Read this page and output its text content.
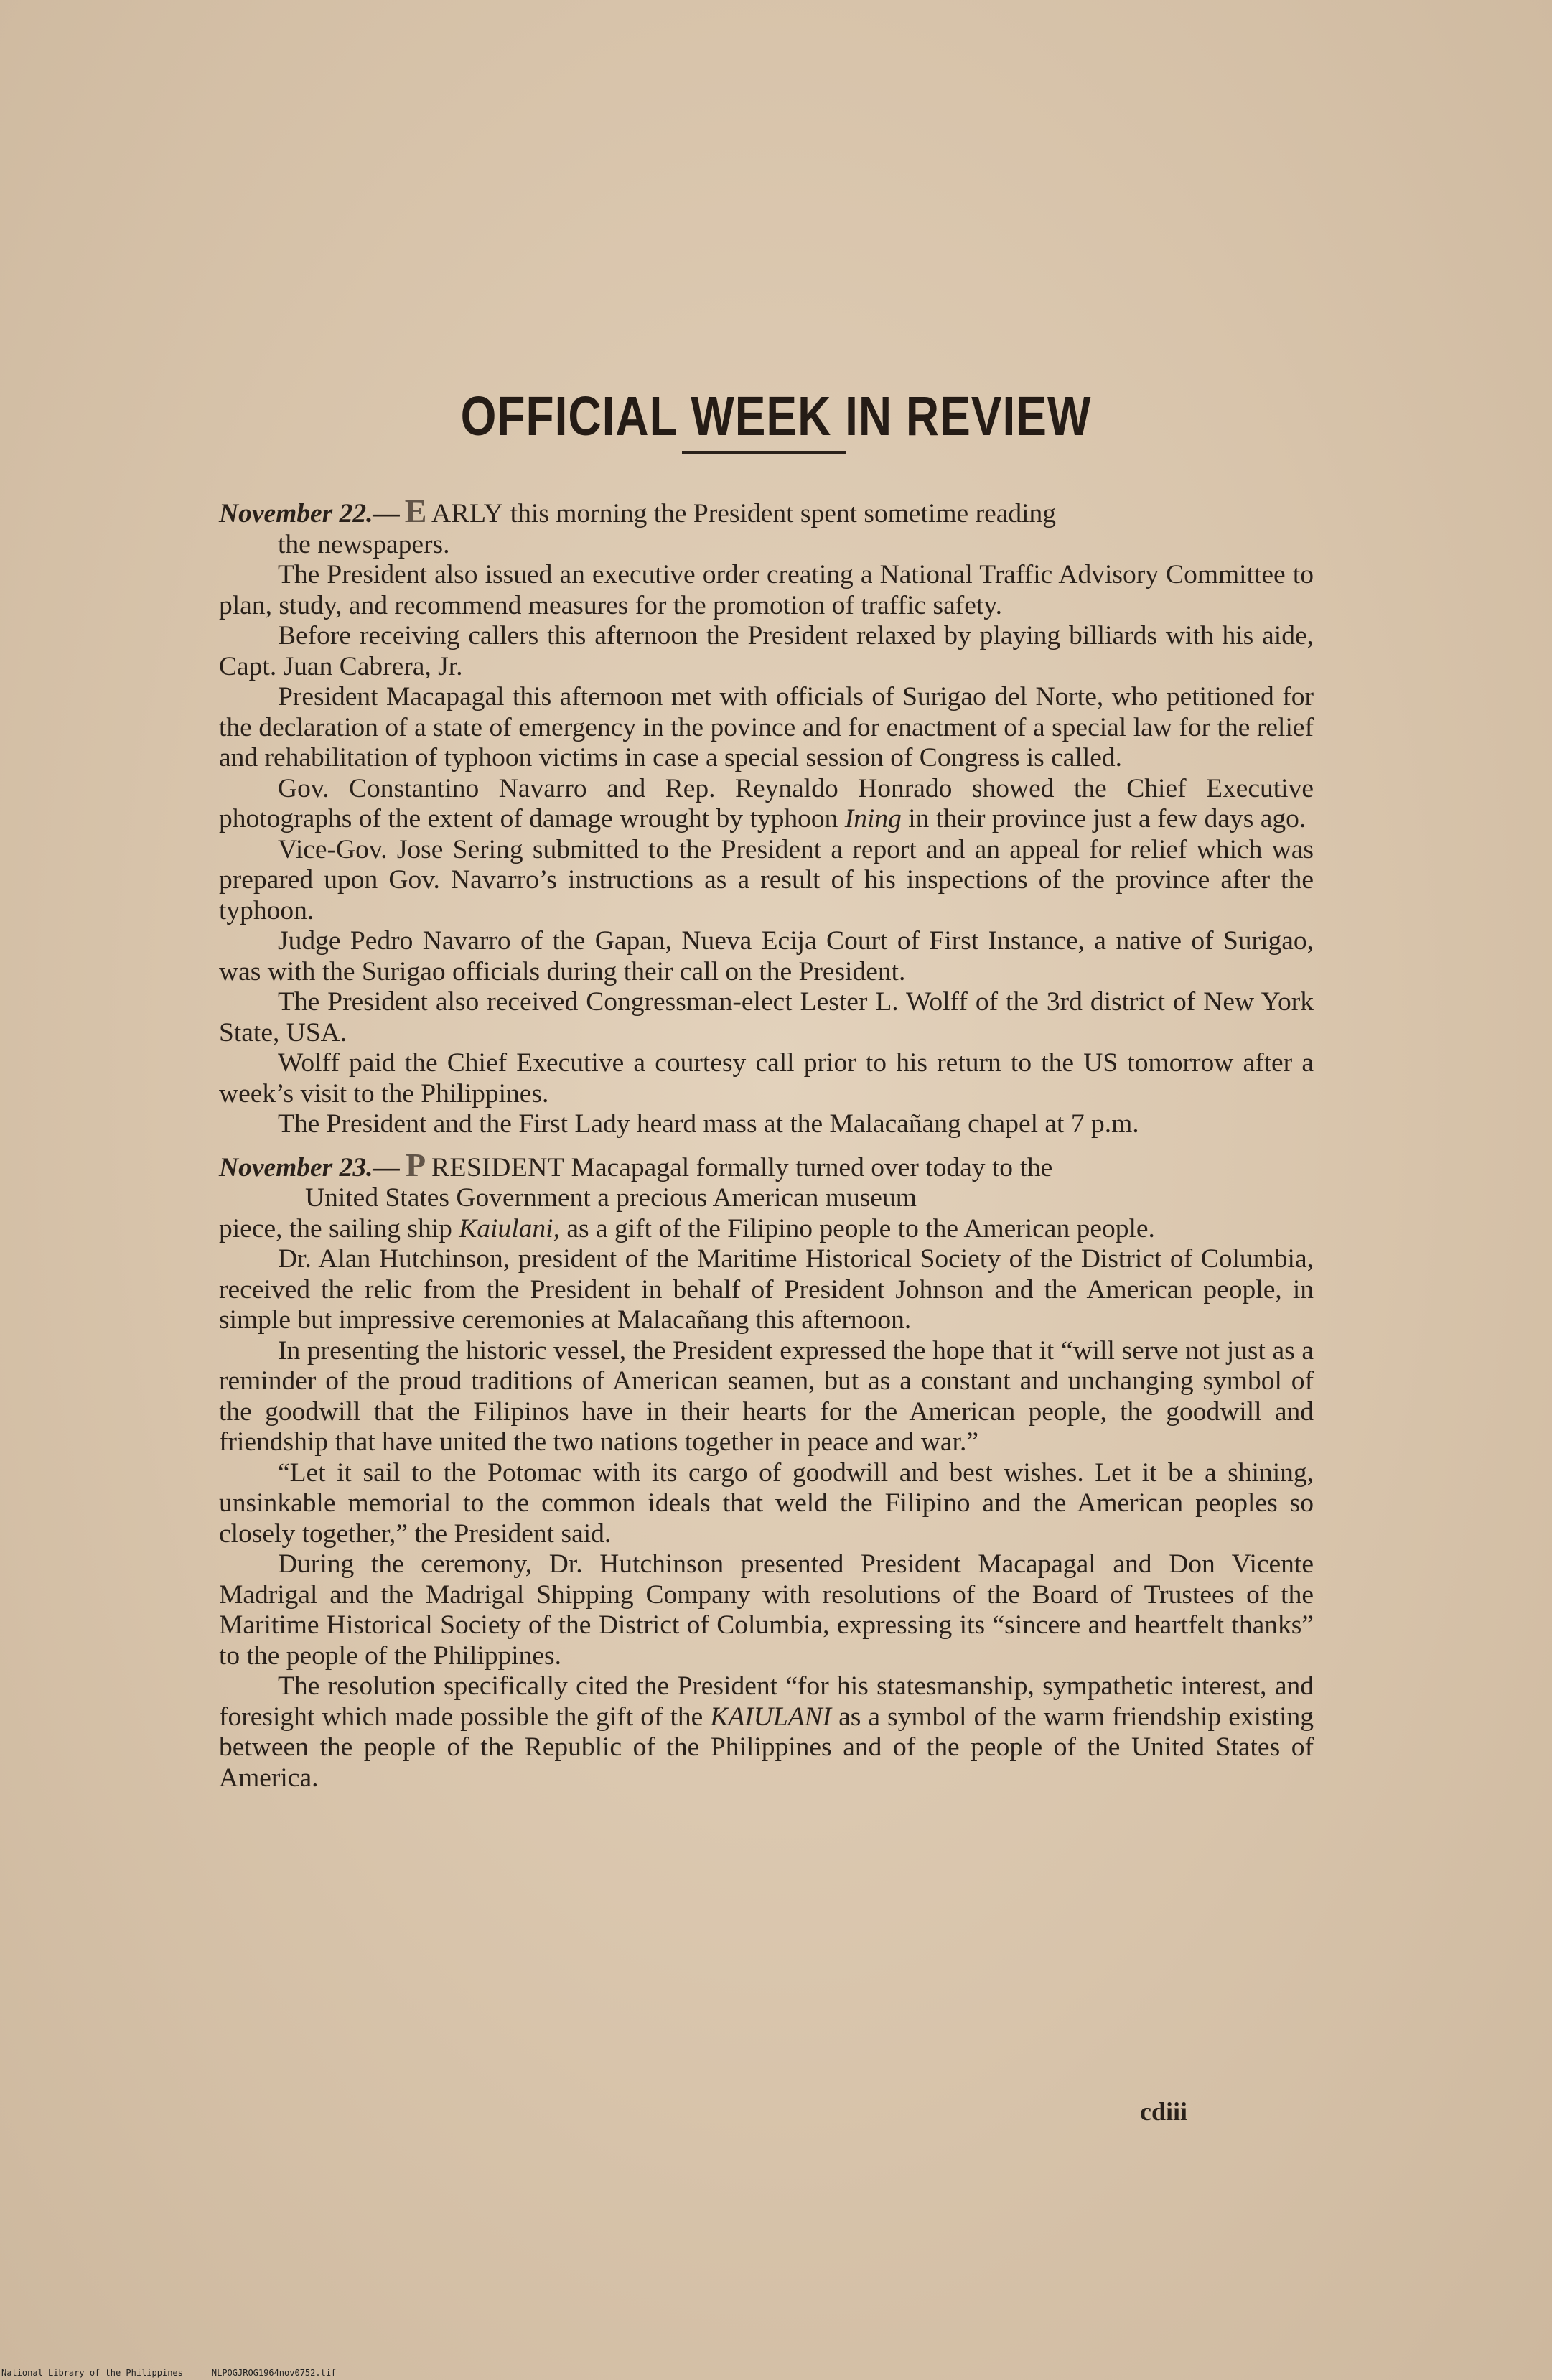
OFFICIAL WEEK IN REVIEW
November 22.— E ARLY this morning the President spent sometime reading
the newspapers.

The President also issued an executive order creating a National Traffic Advisory Committee to plan, study, and recommend measures for the promotion of traffic safety.

Before receiving callers this afternoon the President relaxed by playing billiards with his aide, Capt. Juan Cabrera, Jr.

President Macapagal this afternoon met with officials of Surigao del Norte, who petitioned for the declaration of a state of emergency in the povince and for enactment of a special law for the relief and rehabilitation of typhoon victims in case a special session of Congress is called.

Gov. Constantino Navarro and Rep. Reynaldo Honrado showed the Chief Executive photographs of the extent of damage wrought by typhoon Ining in their province just a few days ago.

Vice-Gov. Jose Sering submitted to the President a report and an appeal for relief which was prepared upon Gov. Navarro’s instructions as a result of his inspections of the province after the typhoon.

Judge Pedro Navarro of the Gapan, Nueva Ecija Court of First Instance, a native of Surigao, was with the Surigao officials during their call on the President.

The President also received Congressman-elect Lester L. Wolff of the 3rd district of New York State, USA.

Wolff paid the Chief Executive a courtesy call prior to his return to the US tomorrow after a week’s visit to the Philippines.

The President and the First Lady heard mass at the Malacañang chapel at 7 p.m.

November 23.— P RESIDENT Macapagal formally turned over today to the
United States Government a precious American museum
piece, the sailing ship Kaiulani, as a gift of the Filipino people to the American people.

Dr. Alan Hutchinson, president of the Maritime Historical Society of the District of Columbia, received the relic from the President in behalf of President Johnson and the American people, in simple but impressive ceremonies at Malacañang this afternoon.

In presenting the historic vessel, the President expressed the hope that it “will serve not just as a reminder of the proud traditions of American seamen, but as a constant and unchanging symbol of the goodwill that the Filipinos have in their hearts for the American people, the goodwill and friendship that have united the two nations together in peace and war.”

“Let it sail to the Potomac with its cargo of goodwill and best wishes. Let it be a shining, unsinkable memorial to the common ideals that weld the Filipino and the American peoples so closely together,” the President said.

During the ceremony, Dr. Hutchinson presented President Macapagal and Don Vicente Madrigal and the Madrigal Shipping Company with resolutions of the Board of Trustees of the Maritime Historical Society of the District of Columbia, expressing its “sincere and heartfelt thanks” to the people of the Philippines.

The resolution specifically cited the President “for his statesmanship, sympathetic interest, and foresight which made possible the gift of the KAIULANI as a symbol of the warm friendship existing between the people of the Republic of the Philippines and of the people of the United States of America.

cdiii
National Library of the Philippines	NLPOGJROG1964nov0752.tif
